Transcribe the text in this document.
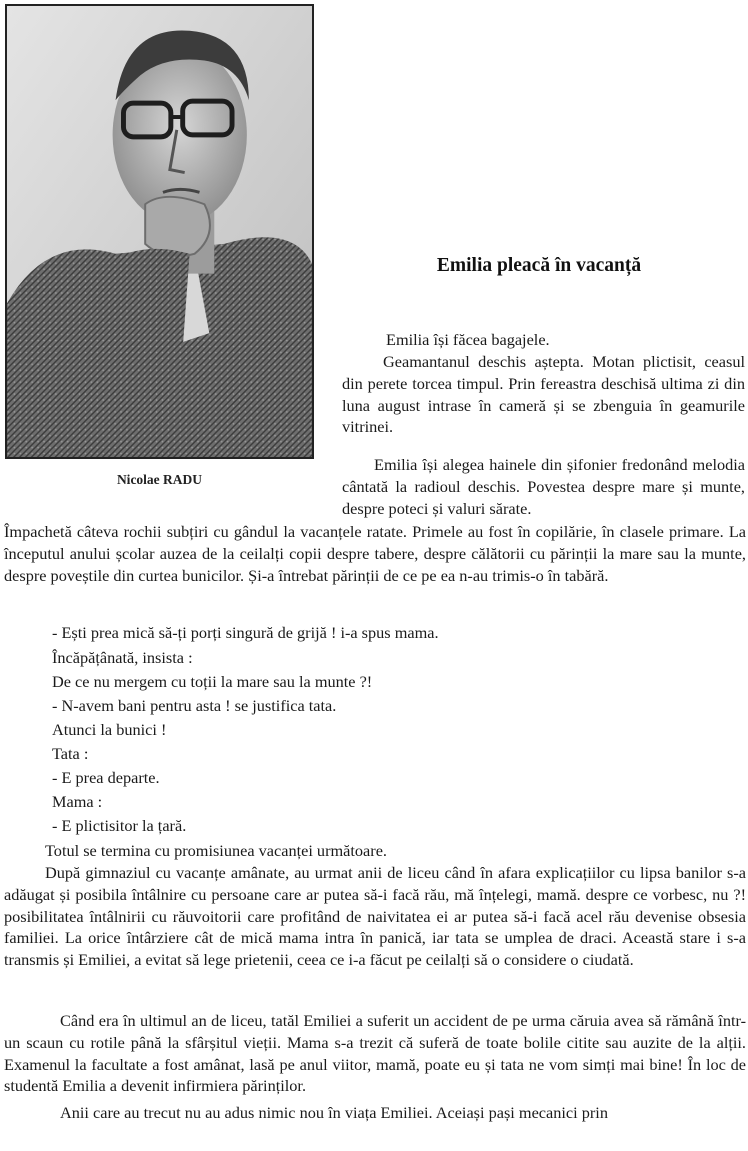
Nicolae RADU
Emilia pleacă în vacanță
Emilia își făcea bagajele.

Geamantanul deschis aștepta. Motan plictisit, ceasul din perete torcea timpul. Prin fereastra deschisă ultima zi din luna august intrase în cameră și se zbenguia în geamurile vitrinei.

Emilia își alegea hainele din șifonier fredonând melodia cântată la radioul deschis. Povestea despre mare și munte, despre poteci și valuri sărate.

Împachetă câteva rochii subțiri cu gândul la vacanțele ratate. Primele au fost în copilărie, în clasele primare. La începutul anului școlar auzea de la ceilalți copii despre tabere, despre călătorii cu părinții la mare sau la munte, despre poveștile din curtea bunicilor. Și-a întrebat părinții de ce pe ea n-au trimis-o în tabără.

- Ești prea mică să-ți porți singură de grijă ! i-a spus mama.
Încăpățânată, insista :
De ce nu mergem cu toții la mare sau la munte ?!
- N-avem bani pentru asta ! se justifica tata.
Atunci la bunici !
Tata :
- E prea departe.
Mama :
- E plictisitor la țară.
Totul se termina cu promisiunea vacanței următoare.

După gimnaziul cu vacanțe amânate, au urmat anii de liceu când în afara explicațiilor cu lipsa banilor s-a adăugat și posibila întâlnire cu persoane care ar putea să-i facă rău, mă înțelegi, mamă. despre ce vorbesc, nu ?! posibilitatea întâlnirii cu răuvoitorii care profitând de naivitatea ei ar putea să-i facă acel rău devenise obsesia familiei. La orice întârziere cât de mică mama intra în panică, iar tata se umplea de draci. Această stare i s-a transmis și Emiliei, a evitat să lege prietenii, ceea ce i-a făcut pe ceilalți să o considere o ciudată.

Când era în ultimul an de liceu, tatăl Emiliei a suferit un accident de pe urma căruia avea să rămână într-un scaun cu rotile până la sfârșitul vieții. Mama s-a trezit că suferă de toate bolile citite sau auzite de la alții. Examenul la facultate a fost amânat, lasă pe anul viitor, mamă, poate eu și tata ne vom simți mai bine! În loc de studentă Emilia a devenit infirmiera părinților.

Anii care au trecut nu au adus nimic nou în viața Emiliei. Aceiași pași mecanici prin
